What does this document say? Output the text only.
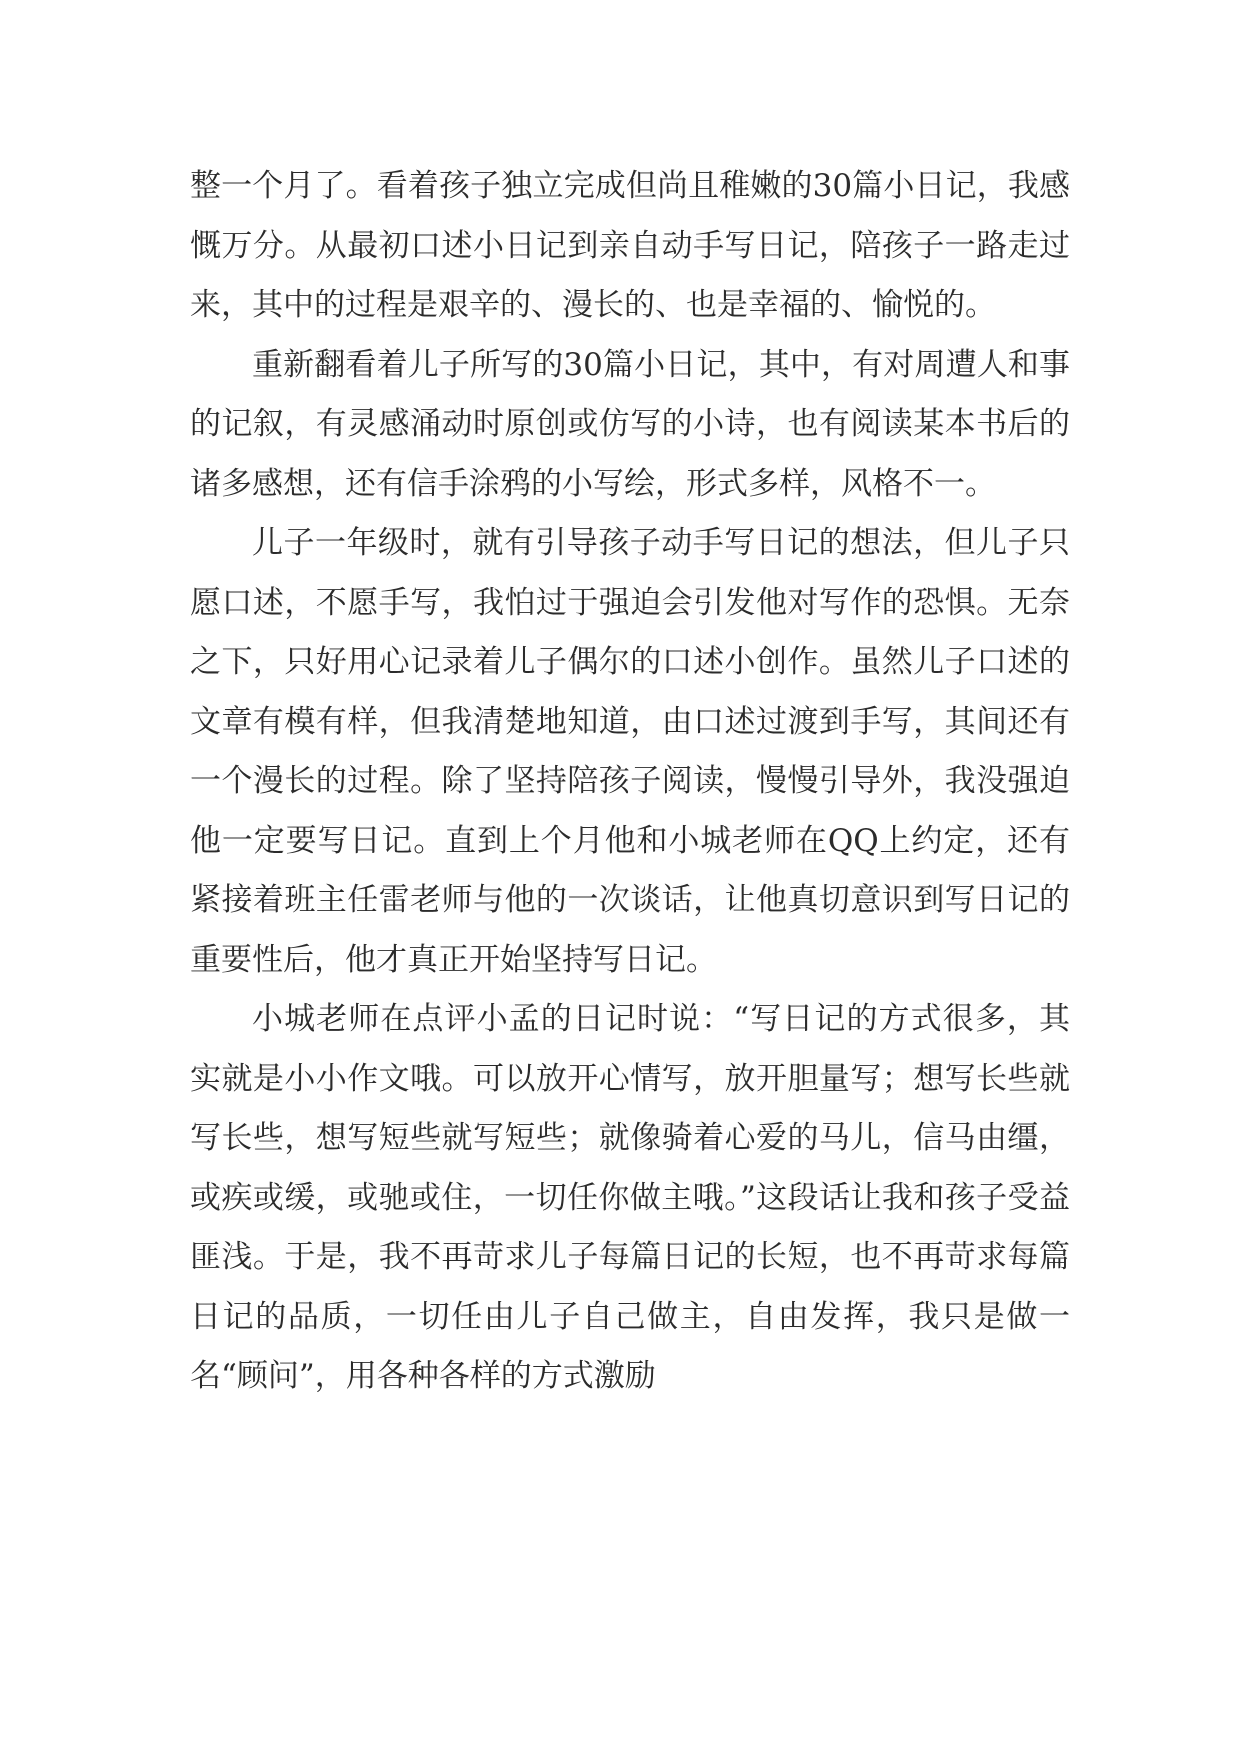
整一个月了。看着孩子独立完成但尚且稚嫩的30篇小日记，我感慨万分。从最初口述小日记到亲自动手写日记，陪孩子一路走过来，其中的过程是艰辛的、漫长的、也是幸福的、愉悦的。

重新翻看着儿子所写的30篇小日记，其中，有对周遭人和事的记叙，有灵感涌动时原创或仿写的小诗，也有阅读某本书后的诸多感想，还有信手涂鸦的小写绘，形式多样，风格不一。

儿子一年级时，就有引导孩子动手写日记的想法，但儿子只愿口述，不愿手写，我怕过于强迫会引发他对写作的恐惧。无奈之下，只好用心记录着儿子偶尔的口述小创作。虽然儿子口述的文章有模有样，但我清楚地知道，由口述过渡到手写，其间还有一个漫长的过程。除了坚持陪孩子阅读，慢慢引导外，我没强迫他一定要写日记。直到上个月他和小城老师在QQ上约定，还有紧接着班主任雷老师与他的一次谈话，让他真切意识到写日记的重要性后，他才真正开始坚持写日记。

小城老师在点评小孟的日记时说：“写日记的方式很多，其实就是小小作文哦。可以放开心情写，放开胆量写；想写长些就写长些，想写短些就写短些；就像骑着心爱的马儿，信马由缰，或疾或缓，或驰或住，一切任你做主哦。”这段话让我和孩子受益匪浅。于是，我不再苛求儿子每篇日记的长短，也不再苛求每篇日记的品质，一切任由儿子自己做主，自由发挥，我只是做一名“顾问”，用各种各样的方式激励
